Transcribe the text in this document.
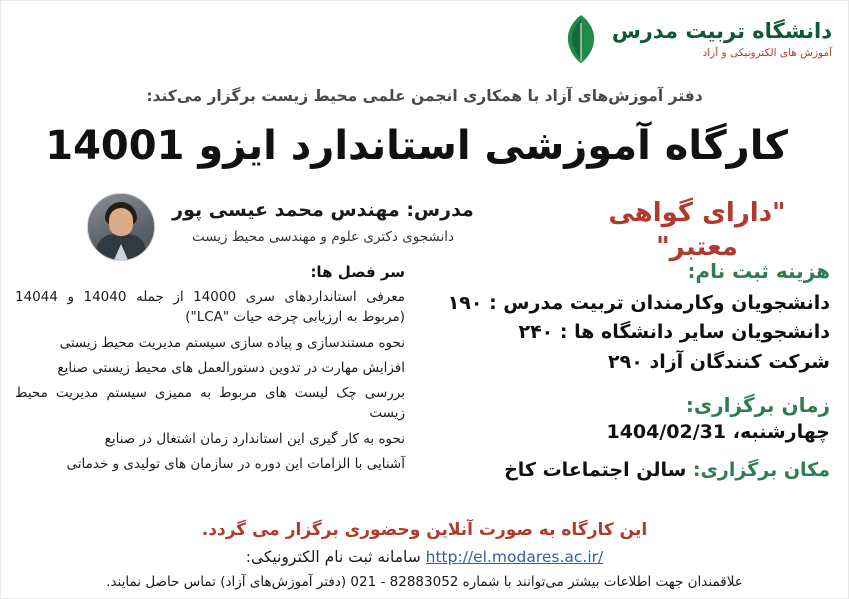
دانشگاه تربیت مدرس
آموزش های الکترونیکی و آزاد
دفتر آموزش‌های آزاد با همکاری انجمن علمی محیط زیست برگزار می‌کند:
کارگاه آموزشی استاندارد ایزو 14001
"دارای گواهی معتبر"
مدرس: مهندس محمد عیسی پور
دانشجوی دکتری علوم و مهندسی محیط زیست
هزینه ثبت نام:
دانشجویان وکارمندان تربیت مدرس : ۱۹۰
دانشجویان سایر دانشگاه ها : ۲۴۰
شرکت کنندگان آزاد ۲۹۰
زمان برگزاری:
چهارشنبه، 1404/02/31
مکان برگزاری: سالن اجتماعات کاخ
سر فصل ها:
معرفی استانداردهای سری 14000 از جمله 14040 و 14044 (مربوط به ارزیابی چرخه حیات "LCA")
نحوه مستندسازی و پیاده سازی سیستم مدیریت محیط زیستی
افزایش مهارت در تدوین دستورالعمل های محیط زیستی صنایع
بررسی چک لیست های مربوط به ممیزی سیستم مدیریت محیط زیست
نحوه به کار گیری این استاندارد زمان اشتغال در صنایع
آشنایی با الزامات این دوره در سازمان های تولیدی و خدماتی
این کارگاه به صورت آنلاین وحضوری برگزار می گردد.
http://el.modares.ac.ir/ سامانه ثبت نام الکترونیکی:
علاقمندان جهت اطلاعات بیشتر می‌توانند با شماره 82883052 - 021 (دفتر آموزش‌های آزاد) تماس حاصل نمایند.
